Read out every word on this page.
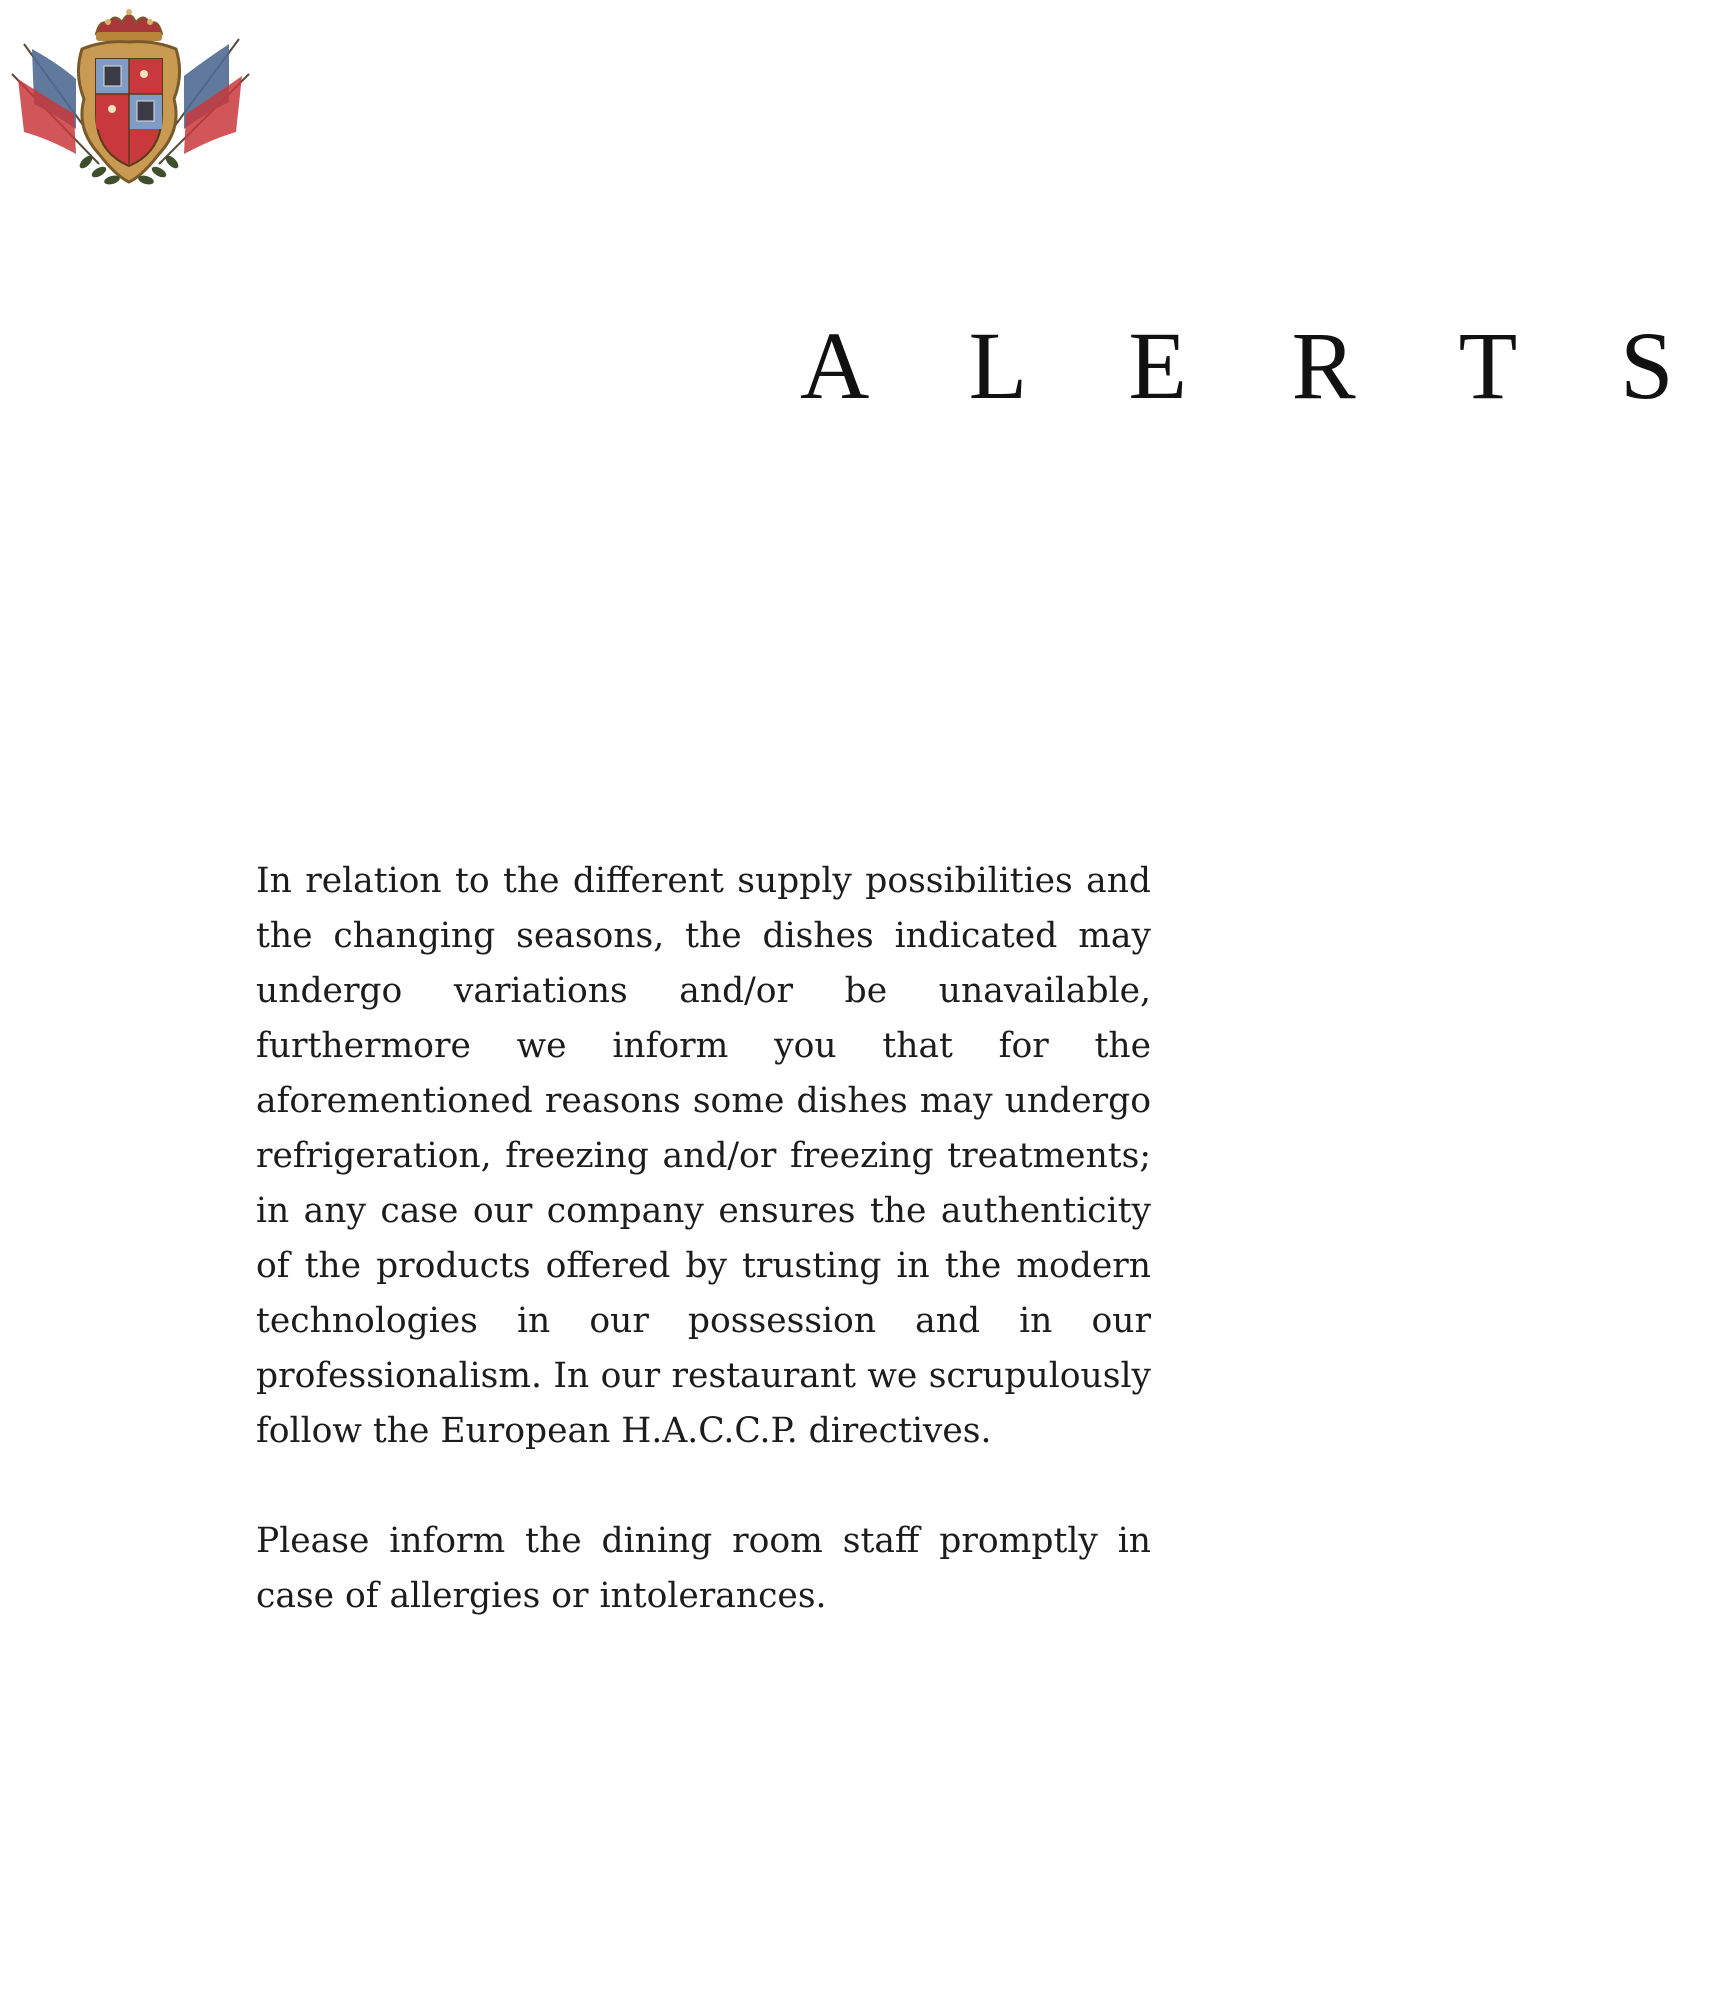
A L E R T S

In relation to the different supply possibilities and the changing seasons, the dishes indicated may undergo variations and/or be unavailable, furthermore we inform you that for the aforementioned reasons some dishes may undergo refrigeration, freezing and/or freezing treatments; in any case our company ensures the authenticity of the products offered by trusting in the modern technologies in our possession and in our professionalism. In our restaurant we scrupulously follow the European H.A.C.C.P. directives.

Please inform the dining room staff promptly in case of allergies or intolerances.
